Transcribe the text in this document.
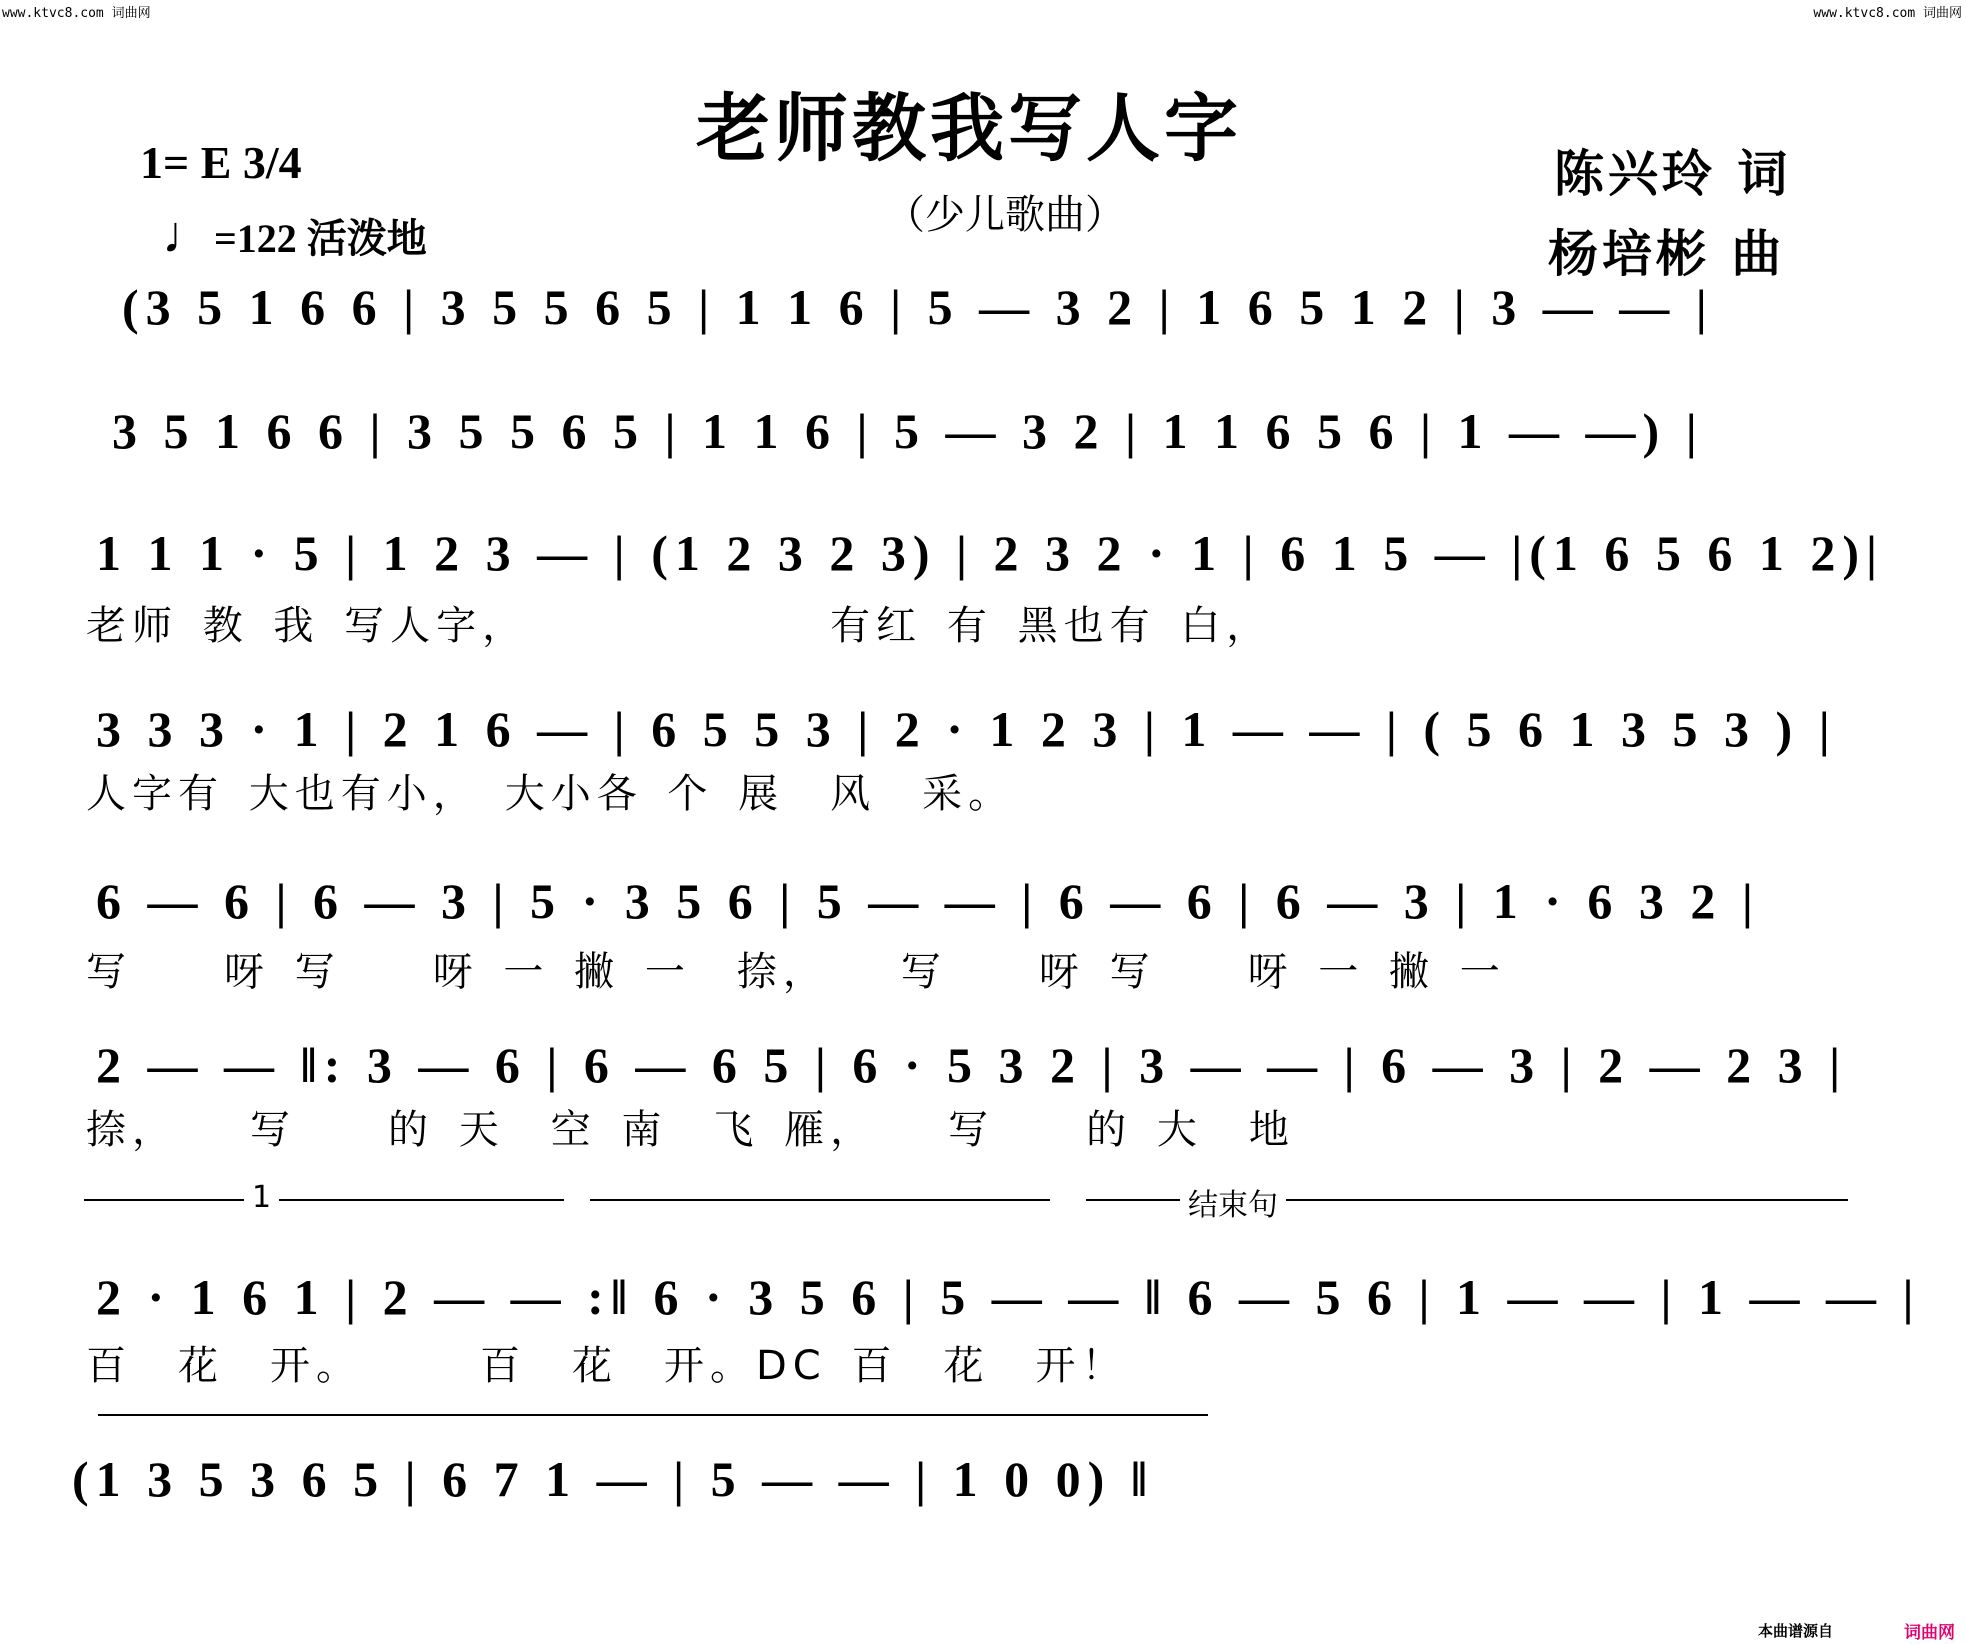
www.ktvc8.com 词曲网	www.ktvc8.com 词曲网
老师教我写人字
（少儿歌曲）
1= E 3/4
♩=122 活泼地
陈兴玲 词
杨培彬 曲
(3 5 1 6 6 | 3 5 5 6 5 | 1 1 6 | 5 — 3 2 | 1 6 5 1 2 | 3 — — |
3 5 1 6 6 | 3 5 5 6 5 | 1 1 6 | 5 — 3 2 | 1 1 6 5 6 | 1 — —) |
1 1 1 · 5 | 1 2 3 — | (1 2 3 2 3) | 2 3 2 · 1 | 6 1 5 — |(1 6 5 6 1 2)|
老师 教 我 写人字，　　　　　　　有红 有 黑也有 白，
3 3 3 · 1 | 2 1 6 — | 6 5 5 3 | 2 · 1 2 3 | 1 — — | ( 5 6 1 3 5 3 ) |
人字有 大也有小，　大小各 个 展　风　采。
6 — 6 | 6 — 3 | 5 · 3 5 6 | 5 — — | 6 — 6 | 6 — 3 | 1 · 6 3 2 |
写　　呀 写　　呀 一 撇 一　捺，　　写　　呀 写　　呀 一 撇 一
2 — — ‖: 3 — 6 | 6 — 6 5 | 6 · 5 3 2 | 3 — — | 6 — 3 | 2 — 2 3 |
捺，　　写　　的 天　空 南　飞 雁，　　写　　的 大　地
1	结束句
2 · 1 6 1 | 2 — — :‖ 6 · 3 5 6 | 5 — — ‖ 6 — 5 6 | 1 — — | 1 — — |
百　花　开。　　　百　花　开。DC 百　花　开！
(1 3 5 3 6 5 | 6 7 1 — | 5 — — | 1 0 0) ‖
本曲谱源自	词曲网
